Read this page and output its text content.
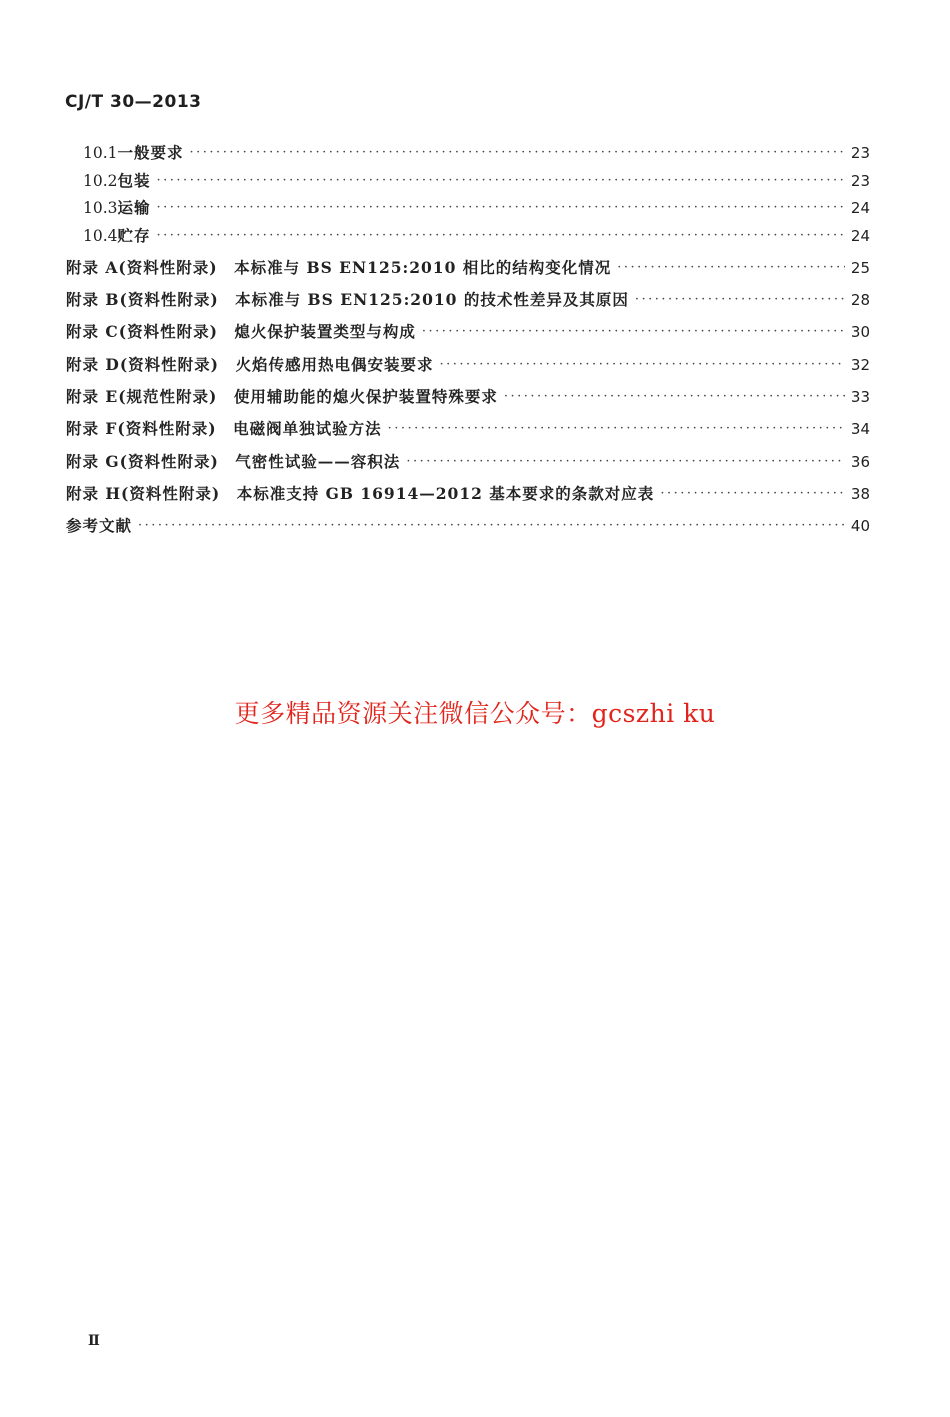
CJ/T 30—2013
10.1 一般要求 ·····	23
10.2 包装 ·····	23
10.3 运输 ·····	24
10.4 贮存 ·····	24
附录 A(资料性附录)　本标准与 BS EN125:2010 相比的结构变化情况 ·····	25
附录 B(资料性附录)　本标准与 BS EN125:2010 的技术性差异及其原因 ·····	28
附录 C(资料性附录)　熄火保护装置类型与构成 ·····	30
附录 D(资料性附录)　火焰传感用热电偶安装要求 ·····	32
附录 E(规范性附录)　使用辅助能的熄火保护装置特殊要求 ·····	33
附录 F(资料性附录)　电磁阀单独试验方法 ·····	34
附录 G(资料性附录)　气密性试验——容积法 ·····	36
附录 H(资料性附录)　本标准支持 GB 16914—2012 基本要求的条款对应表 ·····	38
参考文献 ·····	40
更多精品资源关注微信公众号：gcszhi ku
Ⅱ
